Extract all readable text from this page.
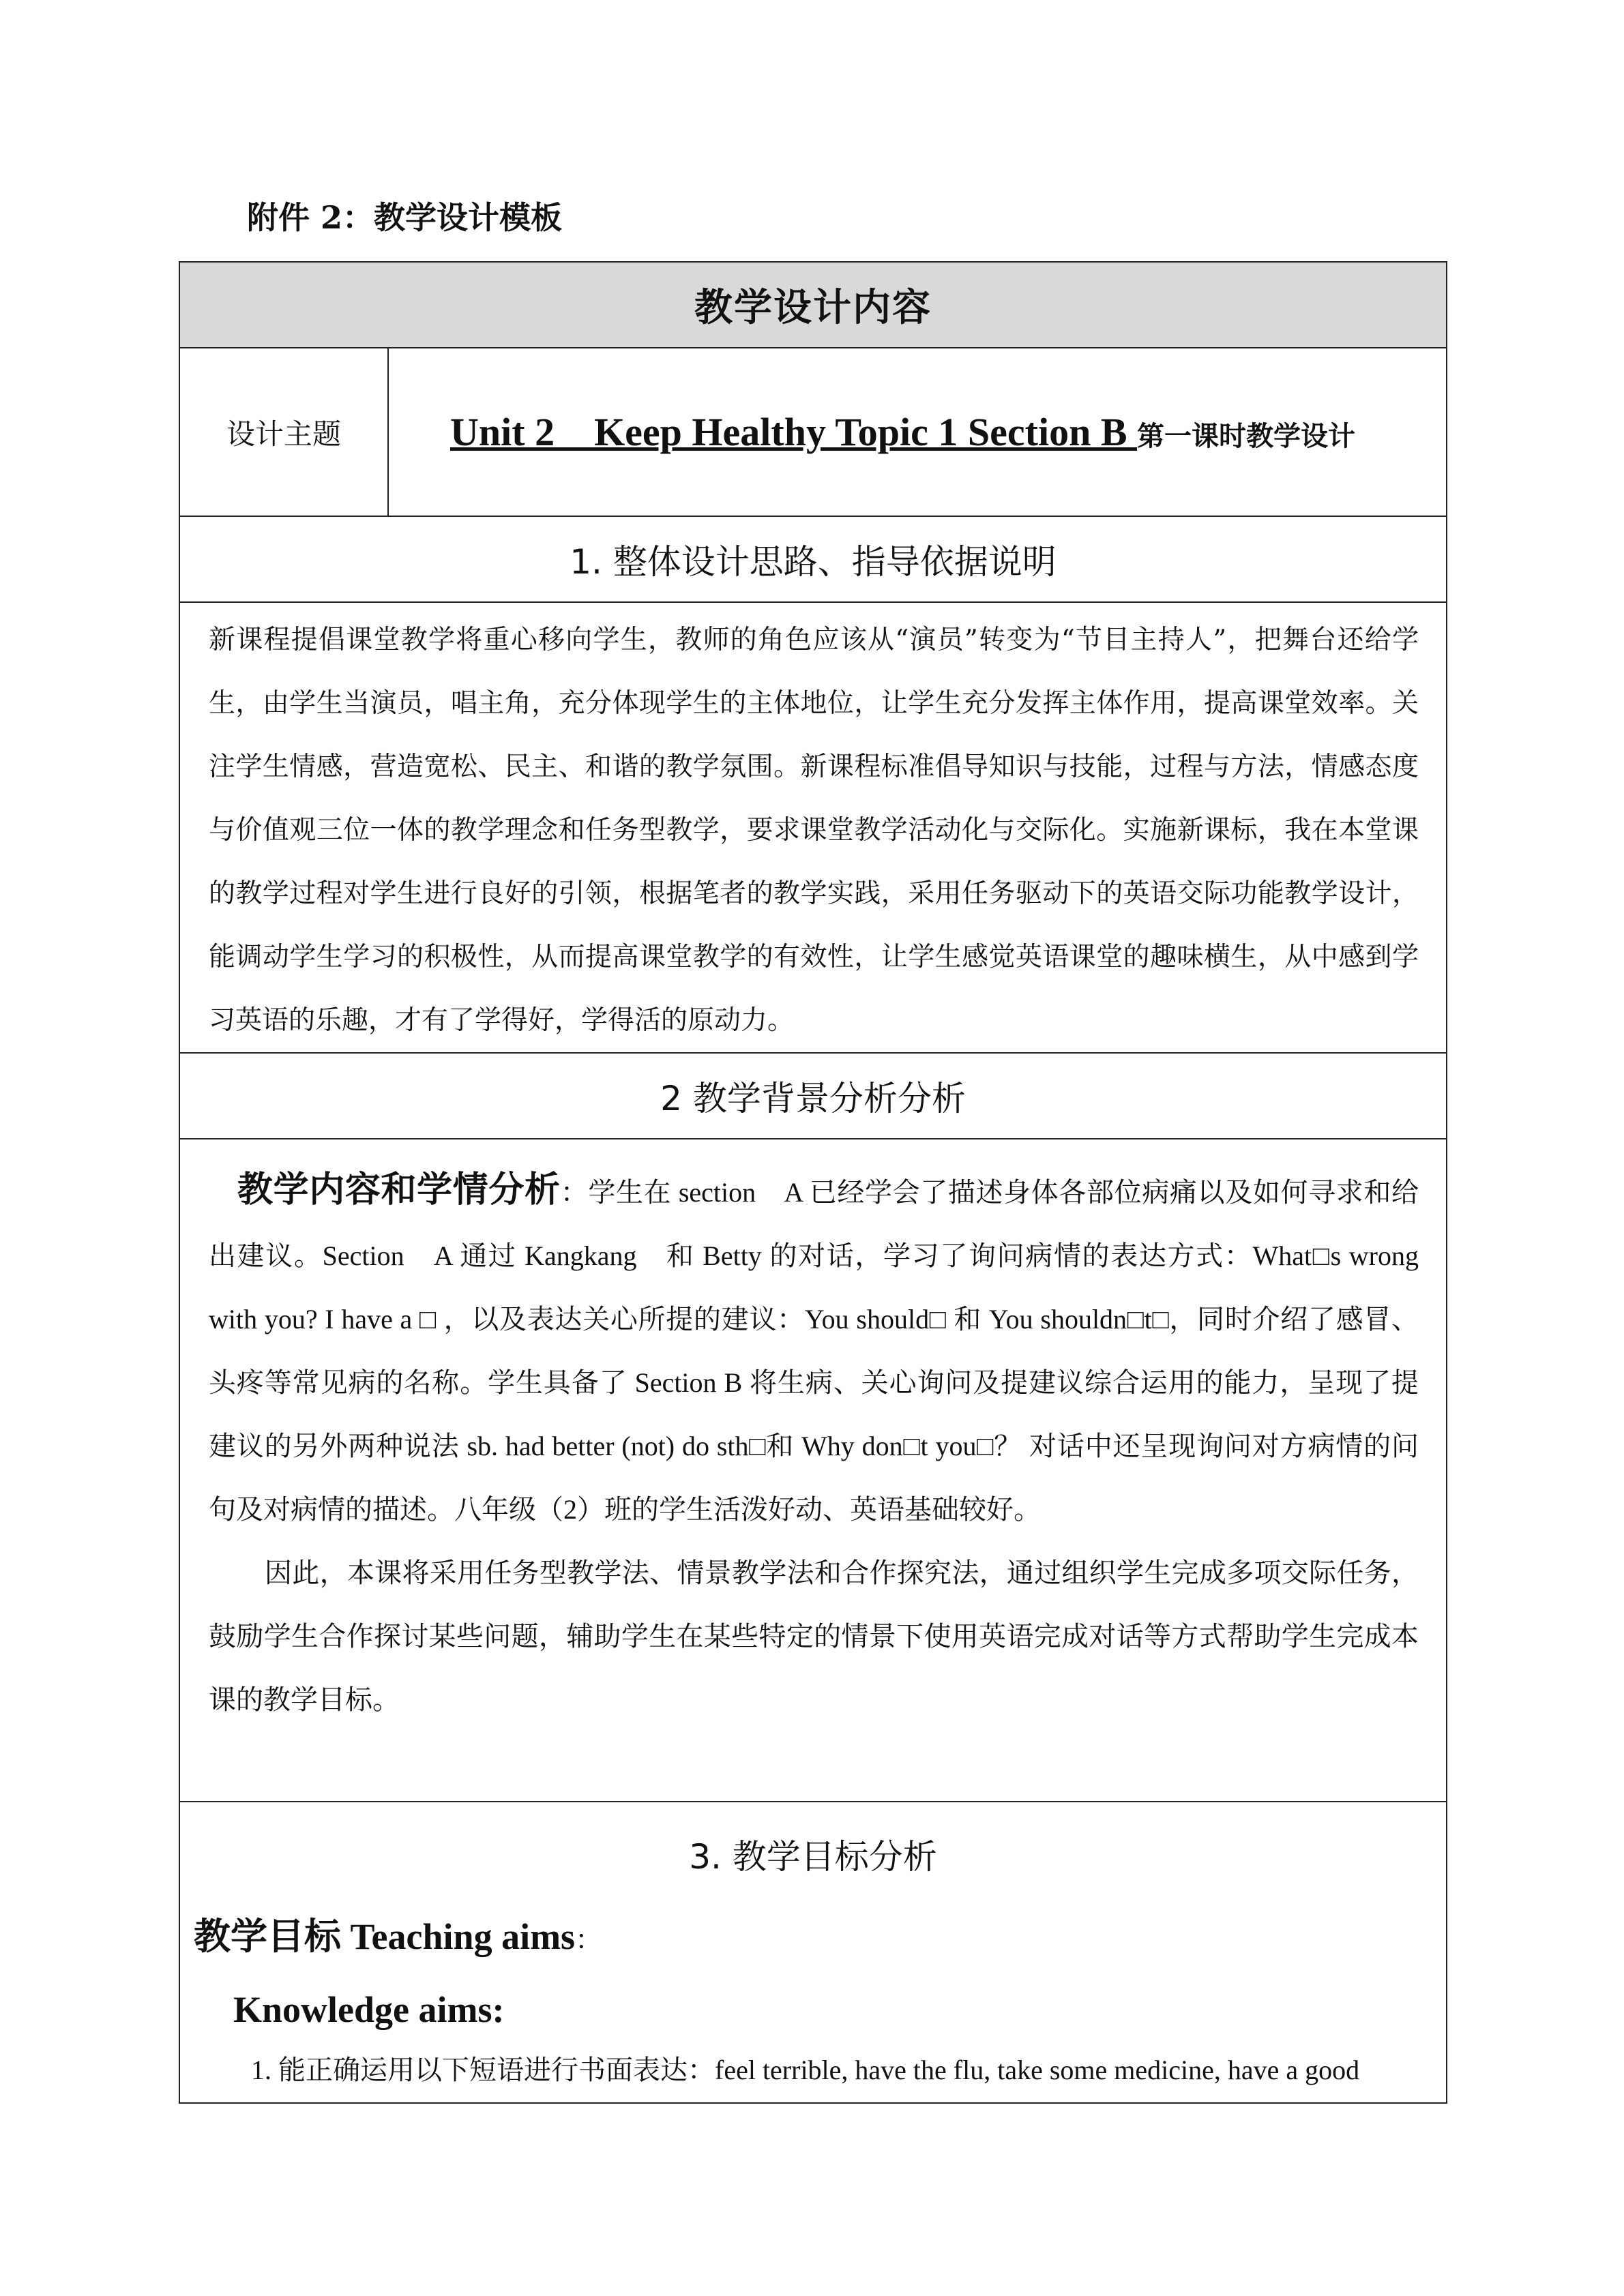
附件 2：教学设计模板
教学设计内容
设计主题	Unit 2    Keep Healthy Topic 1 Section B 第一课时教学设计

1. 整体设计思路、指导依据说明

新课程提倡课堂教学将重心移向学生，教师的角色应该从“演员”转变为“节目主持人”，把舞台还给学生，由学生当演员，唱主角，充分体现学生的主体地位，让学生充分发挥主体作用，提高课堂效率。关注学生情感，营造宽松、民主、和谐的教学氛围。新课程标准倡导知识与技能，过程与方法，情感态度与价值观三位一体的教学理念和任务型教学，要求课堂教学活动化与交际化。实施新课标，我在本堂课的教学过程对学生进行良好的引领，根据笔者的教学实践，采用任务驱动下的英语交际功能教学设计，能调动学生学习的积极性，从而提高课堂教学的有效性，让学生感觉英语课堂的趣味横生，从中感到学习英语的乐趣，才有了学得好，学得活的原动力。

2 教学背景分析分析

教学内容和学情分析：学生在 section　A 已经学会了描述身体各部位病痛以及如何寻求和给出建议。Section　A 通过 Kangkang　和 Betty 的对话，学习了询问病情的表达方式：What□s wrong with you? I have a □ ，以及表达关心所提的建议：You should□ 和 You shouldn□t□，同时介绍了感冒、头疼等常见病的名称。学生具备了 Section B 将生病、关心询问及提建议综合运用的能力，呈现了提建议的另外两种说法 sb. had better (not) do sth□和 Why don□t you□？ 对话中还呈现询问对方病情的问句及对病情的描述。八年级（2）班的学生活泼好动、英语基础较好。

因此，本课将采用任务型教学法、情景教学法和合作探究法，通过组织学生完成多项交际任务，鼓励学生合作探讨某些问题，辅助学生在某些特定的情景下使用英语完成对话等方式帮助学生完成本课的教学目标。

3. 教学目标分析
教学目标 Teaching aims：
Knowledge aims:
1. 能正确运用以下短语进行书面表达：feel terrible, have the flu, take some medicine, have a good
